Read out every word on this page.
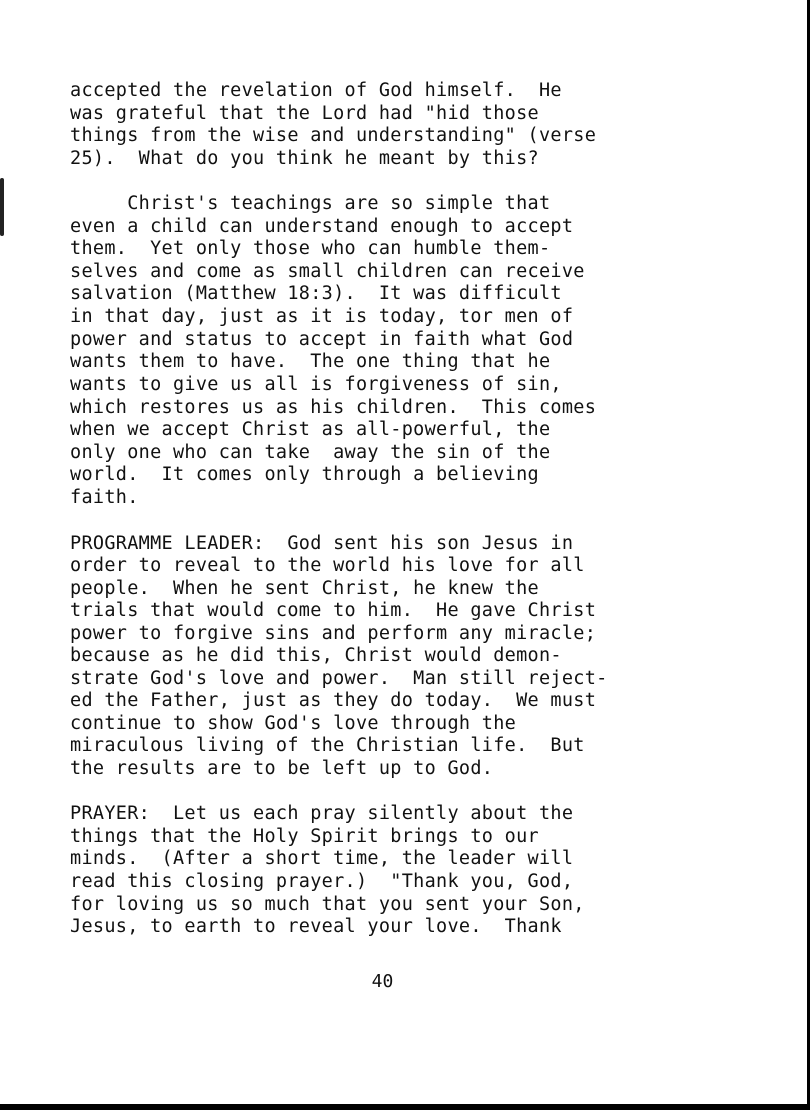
accepted the revelation of God himself.  He
was grateful that the Lord had "hid those
things from the wise and understanding" (verse
25).  What do you think he meant by this?
Christ's teachings are so simple that
even a child can understand enough to accept
them.  Yet only those who can humble them-
selves and come as small children can receive
salvation (Matthew 18:3).  It was difficult
in that day, just as it is today, tor men of
power and status to accept in faith what God
wants them to have.  The one thing that he
wants to give us all is forgiveness of sin,
which restores us as his children.  This comes
when we accept Christ as all-powerful, the
only one who can take  away the sin of the
world.  It comes only through a believing
faith.
PROGRAMME LEADER:  God sent his son Jesus in
order to reveal to the world his love for all
people.  When he sent Christ, he knew the
trials that would come to him.  He gave Christ
power to forgive sins and perform any miracle;
because as he did this, Christ would demon-
strate God's love and power.  Man still reject-
ed the Father, just as they do today.  We must
continue to show God's love through the
miraculous living of the Christian life.  But
the results are to be left up to God.
PRAYER:  Let us each pray silently about the
things that the Holy Spirit brings to our
minds.  (After a short time, the leader will
read this closing prayer.)  "Thank you, God,
for loving us so much that you sent your Son,
Jesus, to earth to reveal your love.  Thank
40
